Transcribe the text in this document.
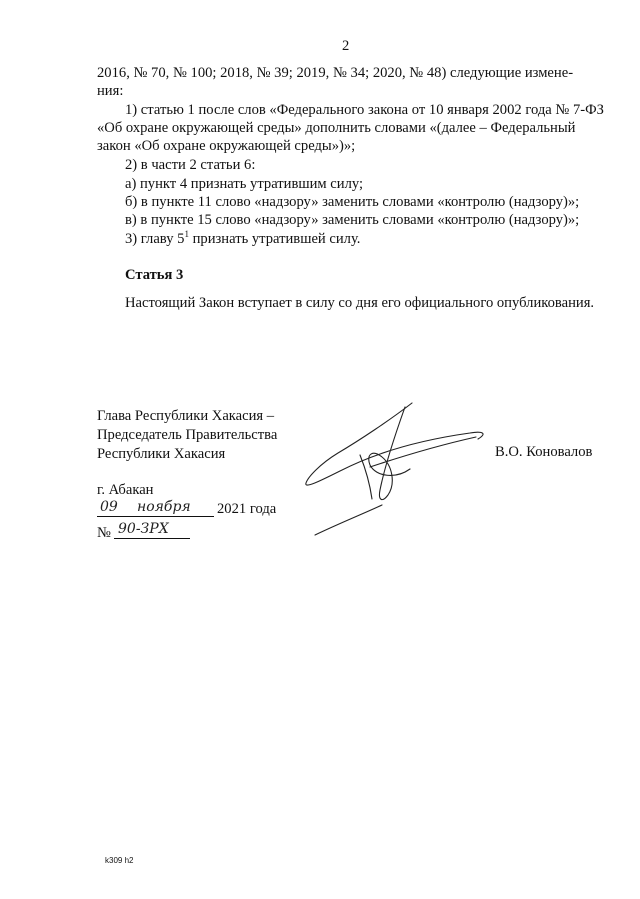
2
2016, № 70, № 100; 2018, № 39; 2019, № 34; 2020, № 48) следующие измене-
ния:
1) статью 1 после слов «Федерального закона от 10 января 2002 года № 7-ФЗ
«Об охране окружающей среды» дополнить словами «(далее – Федеральный
закон «Об охране окружающей среды»)»;
2) в части 2 статьи 6:
а) пункт 4 признать утратившим силу;
б) в пункте 11 слово «надзору» заменить словами «контролю (надзору)»;
в) в пункте 15 слово «надзору» заменить словами «контролю (надзору)»;
3) главу $5^1$ признать утратившей силу.
Статья 3
Настоящий Закон вступает в силу со дня его официального опубликования.
Глава Республики Хакасия –
Председатель Правительства
Республики Хакасия	В.О. Коновалов
г. Абакан
09 ноября 2021 года
№ 90-ЗРХ
k309 h2
